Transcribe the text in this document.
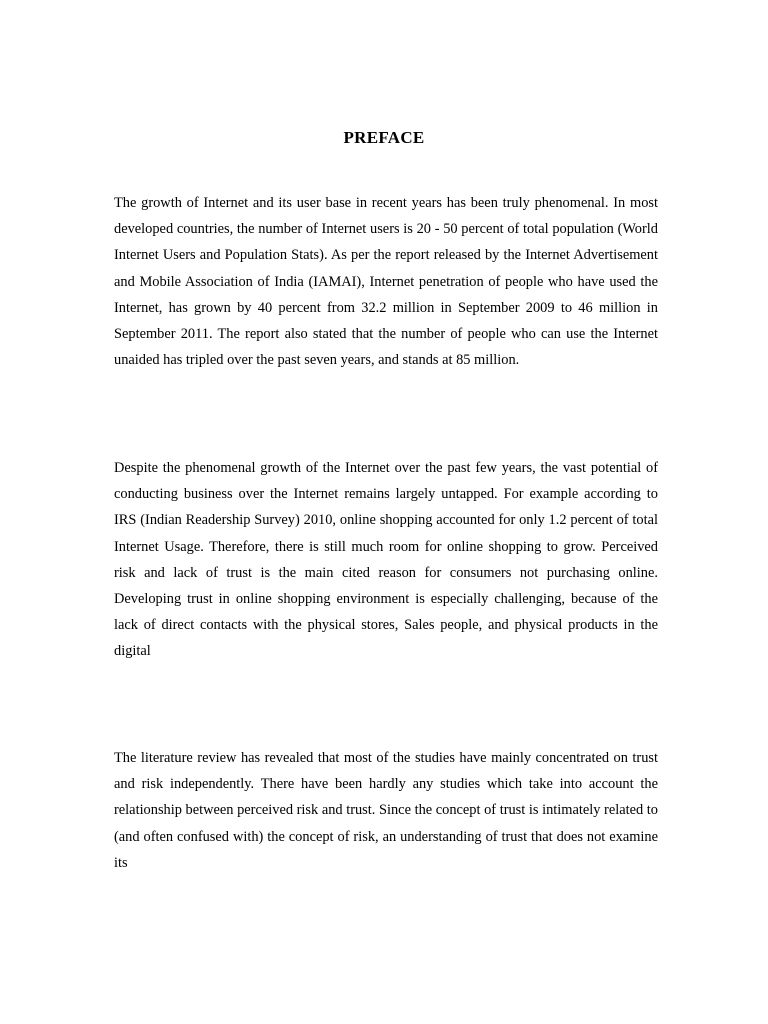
PREFACE

The growth of Internet and its user base in recent years has been truly phenomenal. In most developed countries, the number of Internet users is 20 - 50 percent of total population (World Internet Users and Population Stats). As per the report released by the Internet Advertisement and Mobile Association of India (IAMAI), Internet penetration of people who have used the Internet, has grown by 40 percent from 32.2 million in September 2009 to 46 million in September 2011. The report also stated that the number of people who can use the Internet unaided has tripled over the past seven years, and stands at 85 million.

Despite the phenomenal growth of the Internet over the past few years, the vast potential of conducting business over the Internet remains largely untapped. For example according to IRS (Indian Readership Survey) 2010, online shopping accounted for only 1.2 percent of total Internet Usage. Therefore, there is still much room for online shopping to grow. Perceived risk and lack of trust is the main cited reason for consumers not purchasing online. Developing trust in online shopping environment is especially challenging, because of the lack of direct contacts with the physical stores, Sales people, and physical products in the digital

The literature review has revealed that most of the studies have mainly concentrated on trust and risk independently. There have been hardly any studies which take into account the relationship between perceived risk and trust. Since the concept of trust is intimately related to (and often confused with) the concept of risk, an understanding of trust that does not examine its
